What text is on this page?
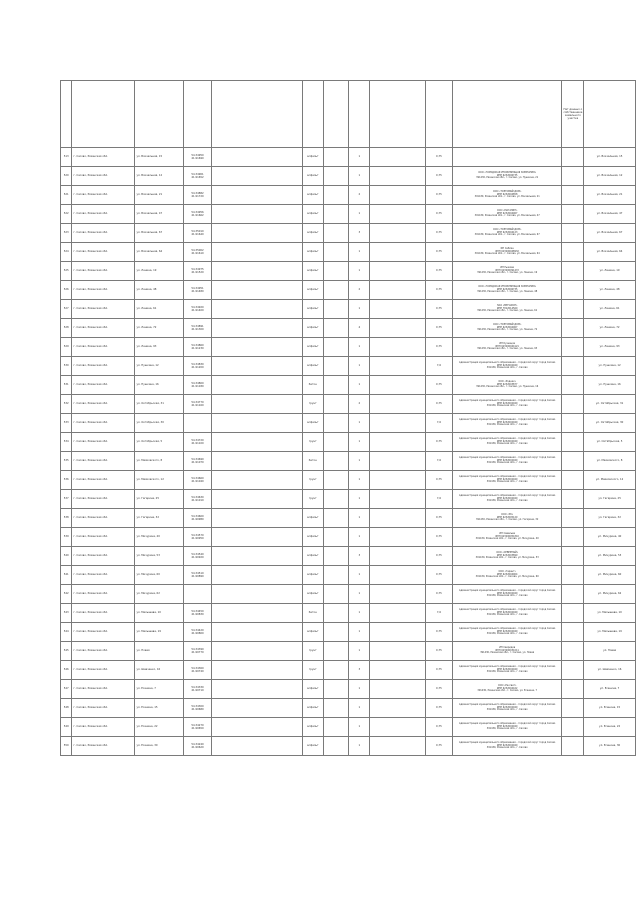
											Нет данных о
собственнике
земельного
участка	
513	г. Сасово, Рязанская обл.	ул. Вокзальная, 15	54.34950
41.91690		асфальт		1		0,75			ул. Вокзальная, 15
520	г. Сасово, Рязанская обл.	ул. Вокзальная, 12	54.34901
41.91652		асфальт		1		0,75	ООО «ГОРОДСКАЯ УПРАВЛЯЮЩАЯ КОМПАНИЯ»
ИНН 6232006735
391430, Рязанская обл., г. Сасово, ул. Пушкина, 21		ул. Вокзальная, 12
521	г. Сасово, Рязанская обл.	ул. Вокзальная, 21	54.34882
41.91720		асфальт		2		0,75	ООО «ТОРГОВЫЙ ДОМ»
ИНН 6232004858
391430, Рязанская обл., г. Сасово, ул. Вокзальная, 21		ул. Вокзальная, 21
522	г. Сасово, Рязанская обл.	ул. Вокзальная, 47	54.34956
41.91662		асфальт		1		0,75	ООО «МАГАЗИН»
ИНН 6232004967
391430, Рязанская обл., г. Сасово, ул. Вокзальная, 47		ул. Вокзальная, 47
523	г. Сасово, Рязанская обл.	ул. Вокзальная, 67	54.35010
41.91640		асфальт		3		0,75	ООО «ТОРГОВЫЙ ДОМ»
ИНН 6232004123
391430, Рязанская обл., г. Сасово, ул. Вокзальная, 67		ул. Вокзальная, 67
524	г. Сасово, Рязанская обл.	ул. Вокзальная, 64	54.35002
41.91610		асфальт		1		0,75	ИП Саблин
ИНН 623200048932
391430, Рязанская обл., г. Сасово, ул. Вокзальная, 64		ул. Вокзальная, 64
525	г. Сасово, Рязанская обл.	ул. Ленина, 19	54.34975
41.91520		асфальт		1		0,75	ИП Рыжова
ИНН 623200091472
391430, Рязанская обл., г. Сасово, ул. Ленина, 19		ул. Ленина, 19
526	г. Сасово, Рязанская обл.	ул. Ленина, 48	54.34951
41.91480		асфальт		2		0,75	ООО «ГОРОДСКАЯ УПРАВЛЯЮЩАЯ КОМПАНИЯ»
ИНН 6232006735
391430, Рязанская обл., г. Сасово, ул. Ленина, 48		ул. Ленина, 48
527	г. Сасово, Рязанская обл.	ул. Ленина, 61	54.34920
41.91400		асфальт		1		0,75	ПАО «МЕГАФОН»
ИНН 7812014560
391430, Рязанская обл., г. Сасово, ул. Ленина, 61		ул. Ленина, 61
528	г. Сасово, Рязанская обл.	ул. Ленина, 72	54.34891
41.91300		асфальт		4		0,75	ООО «ТОРГОВЫЙ ДОМ»
ИНН 6232004967
391430, Рязанская обл., г. Сасово, ул. Ленина, 72		ул. Ленина, 72
529	г. Сасово, Рязанская обл.	ул. Ленина, 93	54.34860
41.91230		асфальт		1		0,75	ИП Кузнецов
ИНН 623200044121
391430, Рязанская обл., г. Сасово, ул. Ленина, 93		ул. Ленина, 93
530	г. Сасово, Рязанская обл.	ул. Пушкина, 12	54.34830
41.91200		асфальт		1		7,6	Администрация муниципального образования – городской округ город Сасово
ИНН 6232002040
391430, Рязанская обл., г. Сасово		ул. Пушкина, 12
531	г. Сасово, Рязанская обл.	ул. Пушкина, 16	54.34800
41.91180		бетон		1		0,75	ООО «Родник»
ИНН 6232003877
391430, Рязанская обл., г. Сасово, ул. Пушкина, 16		ул. Пушкина, 16
532	г. Сасово, Рязанская обл.	ул. Октябрьская, 31	54.34770
41.91160		грунт		2		0,75	Администрация муниципального образования – городской округ город Сасово
ИНН 6232002040
391430, Рязанская обл., г. Сасово		ул. Октябрьская, 31
533	г. Сасово, Рязанская обл.	ул. Октябрьская, 30			асфальт		1		7,6	Администрация муниципального образования – городской округ город Сасово
ИНН 6232002040
391430, Рязанская обл., г. Сасово		ул. Октябрьская, 30
534	г. Сасово, Рязанская обл.	ул. Октябрьская, 5	54.34720
41.91100		грунт		1		0,75	Администрация муниципального образования – городской округ город Сасово
ИНН 6232002040
391430, Рязанская обл., г. Сасово		ул. Октябрьская, 5
535	г. Сасово, Рязанская обл.	ул. Маяковского, 8	54.34690
41.91070		бетон		1		7,6	Администрация муниципального образования – городской округ город Сасово
ИНН 6232002040
391430, Рязанская обл., г. Сасово		ул. Маяковского, 8
536	г. Сасово, Рязанская обл.	ул. Маяковского, 12	54.34660
41.91040		грунт		1		0,75	Администрация муниципального образования – городской округ город Сасово
ИНН 6232002040
391430, Рязанская обл., г. Сасово		ул. Маяковского, 12
537	г. Сасово, Рязанская обл.	ул. Гагарина, 25	54.34630
41.91010		грунт		1		7,6	Администрация муниципального образования – городской округ город Сасово
ИНН 6232002040
391430, Рязанская обл., г. Сасово		ул. Гагарина, 25
538	г. Сасово, Рязанская обл.	ул. Гагарина, 32	54.34600
41.90980		асфальт		1		0,75	ООО «УК»
ИНН 6232005120
391430, Рязанская обл., г. Сасово, ул. Гагарина, 32		ул. Гагарина, 32
539	г. Сасово, Рязанская обл.	ул. Мичурина, 40	54.34570
41.90950		асфальт		1		0,75	ИП Савельев
ИНН 623200054310
391430, Рязанская обл., г. Сасово, ул. Мичурина, 40		ул. Мичурина, 40
540	г. Сасово, Рязанская обл.	ул. Мичурина, 53	54.34540
41.90920		асфальт		3		0,75	ООО «СЕВЕРНЫЙ»
ИНН 6232003899
391430, Рязанская обл., г. Сасово, ул. Мичурина, 53		ул. Мичурина, 53
541	г. Сасово, Рязанская обл.	ул. Мичурина, 60	54.34510
41.90890		асфальт		1		0,75	ООО «Гарант»
ИНН 6232004004
391430, Рязанская обл., г. Сасово, ул. Мичурина, 60		ул. Мичурина, 60
542	г. Сасово, Рязанская обл.	ул. Мичурина, 62			асфальт		1		0,75	Администрация муниципального образования – городской округ город Сасово
ИНН 6232002040
391430, Рязанская обл., г. Сасово		ул. Мичурина, 62
543	г. Сасово, Рязанская обл.	ул. Малышева, 10	54.34450
41.90830		бетон		1		7,6	Администрация муниципального образования – городской округ город Сасово
ИНН 6232002040
391430, Рязанская обл., г. Сасово		ул. Малышева, 10
544	г. Сасово, Рязанская обл.	ул. Малышева, 19	54.34420
41.90800		асфальт		1		0,75	Администрация муниципального образования – городской округ город Сасово
ИНН 6232002040
391430, Рязанская обл., г. Сасово		ул. Малышева, 19
545	г. Сасово, Рязанская обл.	ул. Новая	54.34390
41.90770		грунт		1		0,75	ИП Свиридов
ИНН 623200031011
391430, Рязанская обл., г. Сасово, ул. Новая		ул. Новая
546	г. Сасово, Рязанская обл.	ул. Шевченко, 16	54.34360
41.90740		грунт		3		0,75	Администрация муниципального образования – городской округ город Сасово
ИНН 6232002040
391430, Рязанская обл., г. Сасово		ул. Шевченко, 16
547	г. Сасово, Рязанская обл.	ул. Есенина, 7	54.34330
41.90710		асфальт		1		0,75	ООО «Рассвет»
ИНН 6232004422
391430, Рязанская обл., г. Сасово, ул. Есенина, 7		ул. Есенина, 7
548	г. Сасово, Рязанская обл.	ул. Есенина, 15	54.34300
41.90680		асфальт		1		0,75	Администрация муниципального образования – городской округ город Сасово
ИНН 6232002040
391430, Рязанская обл., г. Сасово		ул. Есенина, 15
549	г. Сасово, Рязанская обл.	ул. Есенина, 22	54.34270
41.90650		асфальт		1		0,75	Администрация муниципального образования – городской округ город Сасово
ИНН 6232002040
391430, Рязанская обл., г. Сасово		ул. Есенина, 22
550	г. Сасово, Рязанская обл.	ул. Есенина, 30	54.34240
41.90620		асфальт		1		0,75	Администрация муниципального образования – городской округ город Сасово
ИНН 6232002040
391430, Рязанская обл., г. Сасово		ул. Есенина, 30
